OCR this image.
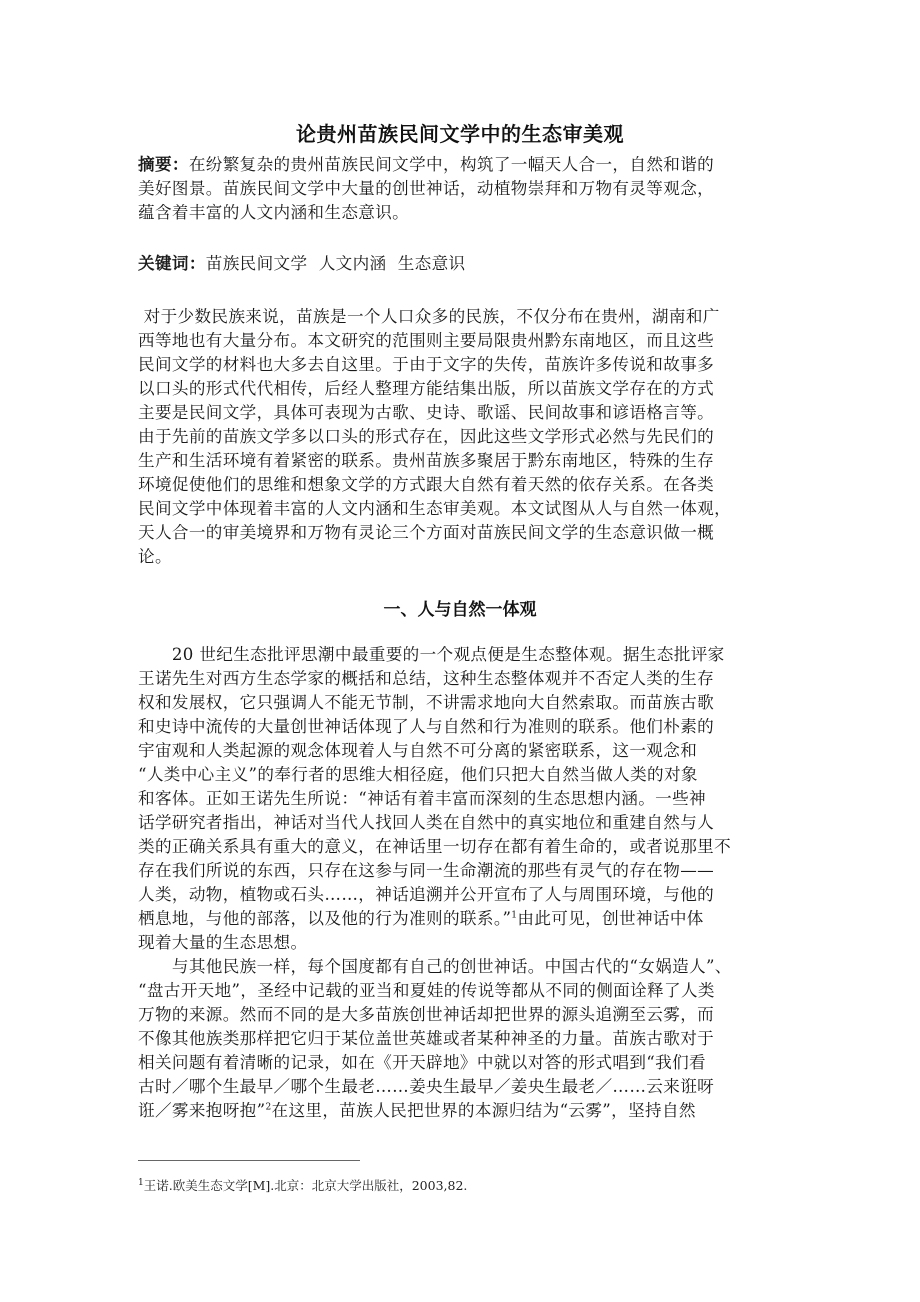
论贵州苗族民间文学中的生态审美观
摘要：在纷繁复杂的贵州苗族民间文学中，构筑了一幅天人合一，自然和谐的
美好图景。苗族民间文学中大量的创世神话，动植物崇拜和万物有灵等观念，
蕴含着丰富的人文内涵和生态意识。
关键词：苗族民间文学  人文内涵  生态意识
对于少数民族来说，苗族是一个人口众多的民族，不仅分布在贵州，湖南和广
西等地也有大量分布。本文研究的范围则主要局限贵州黔东南地区，而且这些
民间文学的材料也大多去自这里。于由于文字的失传，苗族许多传说和故事多
以口头的形式代代相传，后经人整理方能结集出版，所以苗族文学存在的方式
主要是民间文学，具体可表现为古歌、史诗、歌谣、民间故事和谚语格言等。
由于先前的苗族文学多以口头的形式存在，因此这些文学形式必然与先民们的
生产和生活环境有着紧密的联系。贵州苗族多聚居于黔东南地区，特殊的生存
环境促使他们的思维和想象文学的方式跟大自然有着天然的依存关系。在各类
民间文学中体现着丰富的人文内涵和生态审美观。本文试图从人与自然一体观，
天人合一的审美境界和万物有灵论三个方面对苗族民间文学的生态意识做一概
论。
一、人与自然一体观
　　20 世纪生态批评思潮中最重要的一个观点便是生态整体观。据生态批评家
王诺先生对西方生态学家的概括和总结，这种生态整体观并不否定人类的生存
权和发展权，它只强调人不能无节制，不讲需求地向大自然索取。而苗族古歌
和史诗中流传的大量创世神话体现了人与自然和行为准则的联系。他们朴素的
宇宙观和人类起源的观念体现着人与自然不可分离的紧密联系，这一观念和
“人类中心主义”的奉行者的思维大相径庭，他们只把大自然当做人类的对象
和客体。正如王诺先生所说：“神话有着丰富而深刻的生态思想内涵。一些神
话学研究者指出，神话对当代人找回人类在自然中的真实地位和重建自然与人
类的正确关系具有重大的意义，在神话里一切存在都有着生命的，或者说那里不
存在我们所说的东西，只存在这参与同一生命潮流的那些有灵气的存在物——
人类，动物，植物或石头……，神话追溯并公开宣布了人与周围环境，与他的
栖息地，与他的部落，以及他的行为准则的联系。”$^1$由此可见，创世神话中体
现着大量的生态思想。
　　与其他民族一样，每个国度都有自己的创世神话。中国古代的“女娲造人”、
“盘古开天地”，圣经中记载的亚当和夏娃的传说等都从不同的侧面诠释了人类
万物的来源。然而不同的是大多苗族创世神话却把世界的源头追溯至云雾，而
不像其他族类那样把它归于某位盖世英雄或者某种神圣的力量。苗族古歌对于
相关问题有着清晰的记录，如在《开天辟地》中就以对答的形式唱到“我们看
古时／哪个生最早／哪个生最老……姜央生最早／姜央生最老／……云来诳呀
诳／雾来抱呀抱”$^2$在这里，苗族人民把世界的本源归结为“云雾”，坚持自然
$^1$王诺.欧美生态文学[M].北京：北京大学出版社，2003,82.
